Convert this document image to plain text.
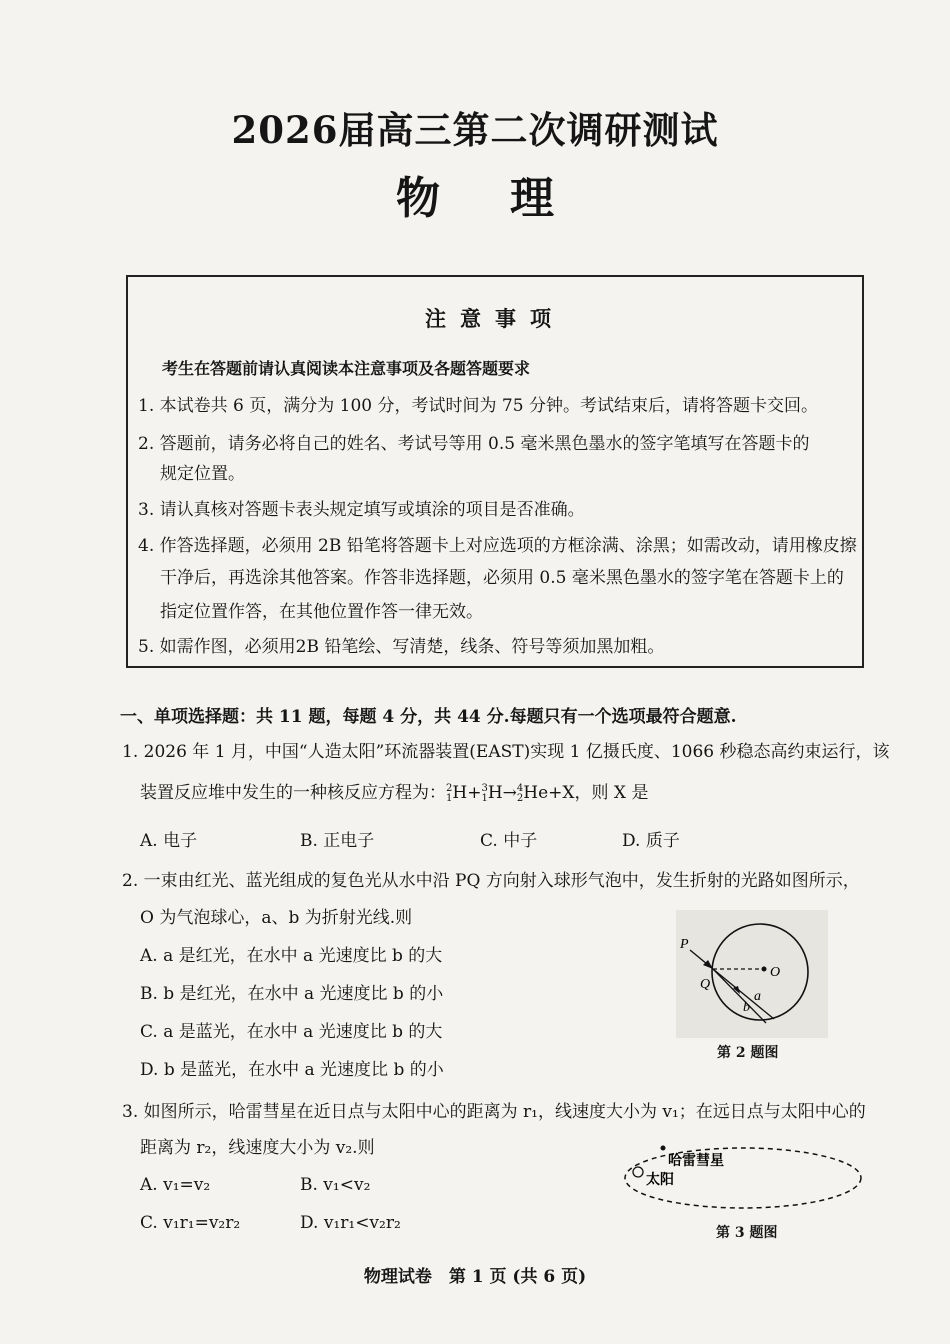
2026届高三第二次调研测试
物理
注意事项
考生在答题前请认真阅读本注意事项及各题答题要求
1. 本试卷共 6 页，满分为 100 分，考试时间为 75 分钟。考试结束后，请将答题卡交回。
2. 答题前，请务必将自己的姓名、考试号等用 0.5 毫米黑色墨水的签字笔填写在答题卡的
规定位置。
3. 请认真核对答题卡表头规定填写或填涂的项目是否准确。
4. 作答选择题，必须用 2B 铅笔将答题卡上对应选项的方框涂满、涂黑；如需改动，请用橡皮擦
干净后，再选涂其他答案。作答非选择题，必须用 0.5 毫米黑色墨水的签字笔在答题卡上的
指定位置作答，在其他位置作答一律无效。
5. 如需作图，必须用2B 铅笔绘、写清楚，线条、符号等须加黑加粗。
一、单项选择题：共 11 题，每题 4 分，共 44 分.每题只有一个选项最符合题意.
1. 2026 年 1 月，中国“人造太阳”环流器装置(EAST)实现 1 亿摄氏度、1066 秒稳态高约束运行，该
装置反应堆中发生的一种核反应方程为：2
1H+3
1H→4
2He+X，则 X 是
A. 电子	B. 正电子	C. 中子	D. 质子
2. 一束由红光、蓝光组成的复色光从水中沿 PQ 方向射入球形气泡中，发生折射的光路如图所示，
O 为气泡球心，a、b 为折射光线.则
A. a 是红光，在水中 a 光速度比 b 的大
B. b 是红光，在水中 a 光速度比 b 的小
C. a 是蓝光，在水中 a 光速度比 b 的大
D. b 是蓝光，在水中 a 光速度比 b 的小
P
Q
O
a
b
第 2 题图
3. 如图所示，哈雷彗星在近日点与太阳中心的距离为 r₁，线速度大小为 v₁；在远日点与太阳中心的
距离为 r₂，线速度大小为 v₂.则
A. v₁=v₂	B. v₁<v₂
C. v₁r₁=v₂r₂	D. v₁r₁<v₂r₂
哈雷彗星
太阳
第 3 题图
物理试卷　第 1 页 (共 6 页)
